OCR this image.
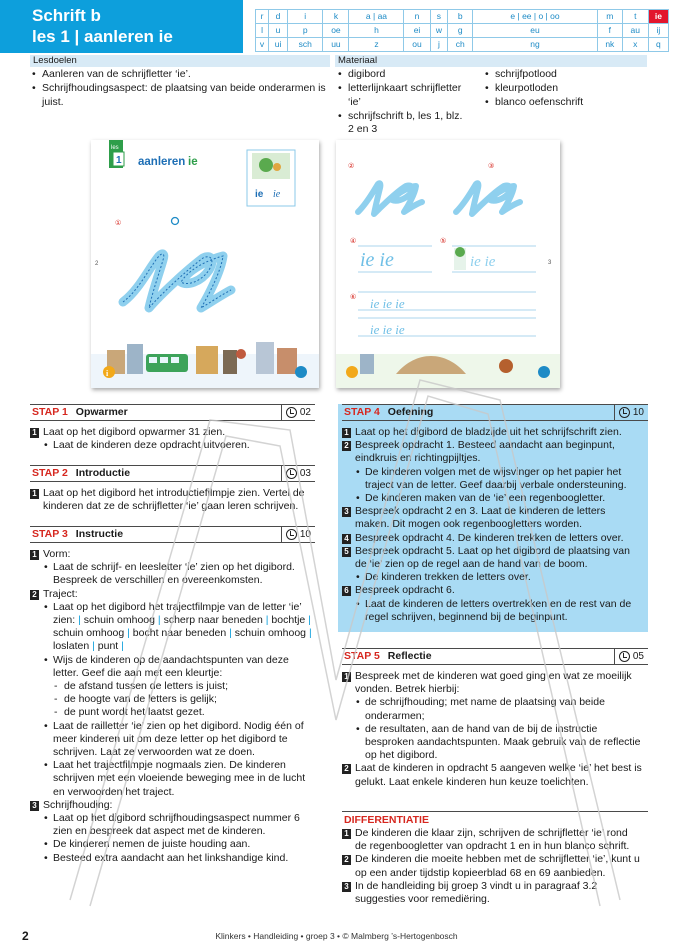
Schrift b
les 1 | aanleren ie
r	d	i	k	a | aa	n	s	b	e | ee | o | oo	m	t	ie
l	u	p	oe	h	ei	w	g	eu	f	au	ij
v	ui	sch	uu	z	ou	j	ch	ng	nk	x	q
Lesdoelen	Materiaal
• Aanleren van de schrijfletter ‘ie’.
• Schrijfhoudingsaspect: de plaatsing van beide onderarmen is juist.
• digibord
• letterlijnkaart schrijfletter ‘ie’
• schrijfschrift b, les 1, blz. 2 en 3
• schrijfpotlood
• kleurpotloden
• blanco oefenschrift
les
1 aanleren ie
ie ie
①
2
i
②	③
④	⑤
3
ie ie	ie ie
⑥ ie ie ie
ie ie ie
STAP 1 Opwarmer	02
1 Laat op het digibord opwarmer 31 zien.
• Laat de kinderen deze opdracht uitvoeren.
STAP 2 Introductie	03
1 Laat op het digibord het introductiefilmpje zien. Vertel de kinderen dat ze de schrijfletter ‘ie’ gaan leren schrijven.
STAP 3 Instructie	10
1 Vorm:
• Laat de schrijf- en leesletter ‘ie’ zien op het digibord. Bespreek de verschillen en overeenkomsten.
2 Traject:
• Laat op het digibord het trajectfilmpje van de letter ‘ie’ zien: | schuin omhoog | scherp naar beneden | bochtje | schuin omhoog | bocht naar beneden | schuin omhoog | loslaten | punt |
• Wijs de kinderen op de aandachtspunten van deze letter. Geef die aan met een kleurtje:
- de afstand tussen de letters is juist;
- de hoogte van de letters is gelijk;
- de punt wordt het laatst gezet.
• Laat de railletter ‘ie’ zien op het digibord. Nodig één of meer kinderen uit om deze letter op het digibord te schrijven. Laat ze verwoorden wat ze doen.
• Laat het trajectfilmpje nogmaals zien. De kinderen schrijven met een vloeiende beweging mee in de lucht en verwoorden het traject.
3 Schrijfhouding:
• Laat op het digibord schrijfhoudingsaspect nummer 6 zien en bespreek dat aspect met de kinderen.
• De kinderen nemen de juiste houding aan.
• Besteed extra aandacht aan het linkshandige kind.
STAP 4 Oefening	10
1 Laat op het digibord de bladzijde uit het schrijfschrift zien.
2 Bespreek opdracht 1. Besteed aandacht aan beginpunt, eindkruis en richtingpijltjes.
• De kinderen volgen met de wijsvinger op het papier het traject van de letter. Geef daarbij verbale ondersteuning.
• De kinderen maken van de ‘ie’ een regenboogletter.
3 Bespreek opdracht 2 en 3. Laat de kinderen de letters maken. Dit mogen ook regenboogletters worden.
4 Bespreek opdracht 4. De kinderen trekken de letters over.
5 Bespreek opdracht 5. Laat op het digibord de plaatsing van de ‘ie’ zien op de regel aan de hand van de boom.
• De kinderen trekken de letters over.
6 Bespreek opdracht 6.
• Laat de kinderen de letters overtrekken en de rest van de regel schrijven, beginnend bij de beginpunt.
STAP 5 Reflectie	05
1 Bespreek met de kinderen wat goed ging en wat ze moeilijk vonden. Betrek hierbij:
• de schrijfhouding; met name de plaatsing van beide onderarmen;
• de resultaten, aan de hand van de bij de instructie besproken aandachtspunten. Maak gebruik van de reflectie op het digibord.
2 Laat de kinderen in opdracht 5 aangeven welke ‘ie’ het best is gelukt. Laat enkele kinderen hun keuze toelichten.
DIFFERENTIATIE
1 De kinderen die klaar zijn, schrijven de schrijfletter ‘ie’ rond de regenboogletter van opdracht 1 en in hun blanco schrift.
2 De kinderen die moeite hebben met de schrijfletter ‘ie’, kunt u op een ander tijdstip kopieerblad 68 en 69 aanbieden.
3 In de handleiding bij groep 3 vindt u in paragraaf 3.2 suggesties voor remediëring.
2	Klinkers • Handleiding • groep 3 • © Malmberg ’s-Hertogenbosch
